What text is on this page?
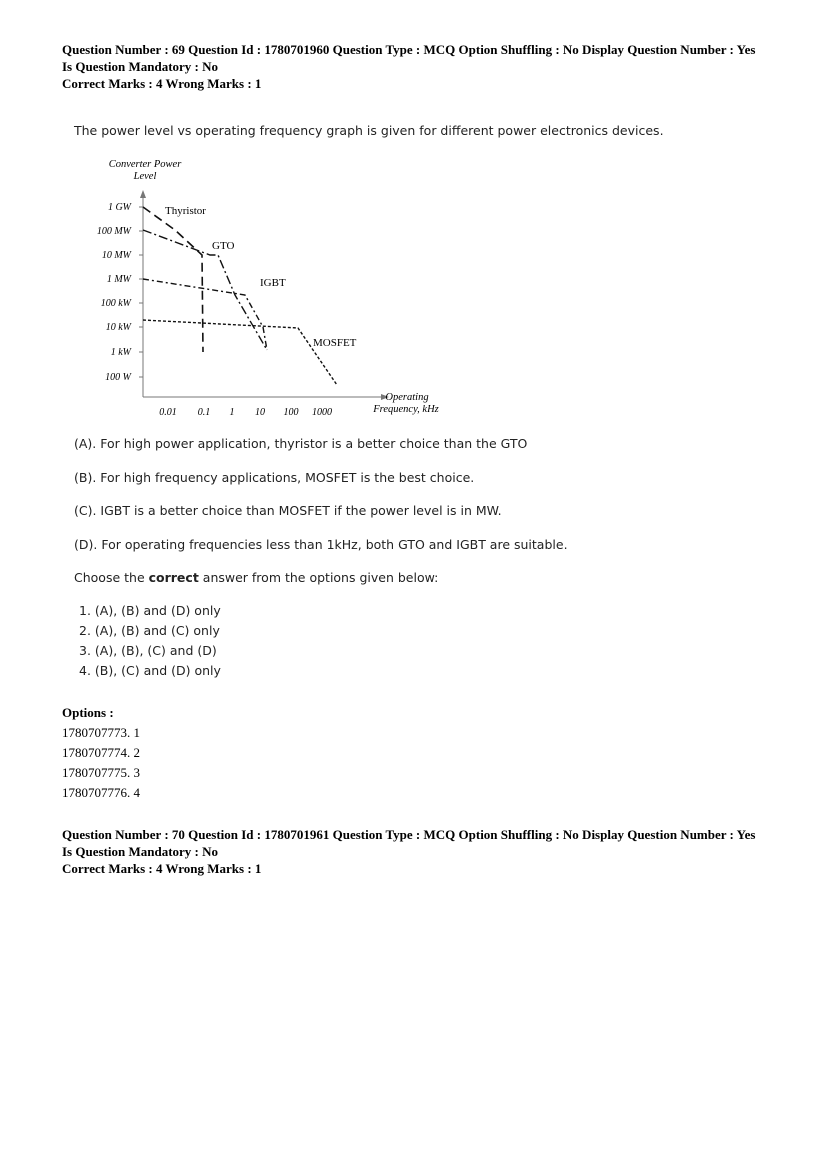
Question Number : 69 Question Id : 1780701960 Question Type : MCQ Option Shuffling : No Display Question Number : Yes
Is Question Mandatory : No
Correct Marks : 4 Wrong Marks : 1
The power level vs operating frequency graph is given for different power electronics devices.
Converter Power
Level
1 GW
100 MW
10 MW
1 MW
100 kW
10 kW
1 kW
100 W
0.01 0.1 1 10 100 1000
Operating
Frequency, kHz
Thyristor
GTO
IGBT
MOSFET
(A). For high power application, thyristor is a better choice than the GTO
(B). For high frequency applications, MOSFET is the best choice.
(C). IGBT is a better choice than MOSFET if the power level is in MW.
(D). For operating frequencies less than 1kHz, both GTO and IGBT are suitable.
Choose the correct answer from the options given below:
1. (A), (B) and (D) only
2. (A), (B) and (C) only
3. (A), (B), (C) and (D)
4. (B), (C) and (D) only
Options :
1780707773. 1
1780707774. 2
1780707775. 3
1780707776. 4
Question Number : 70 Question Id : 1780701961 Question Type : MCQ Option Shuffling : No Display Question Number : Yes
Is Question Mandatory : No
Correct Marks : 4 Wrong Marks : 1
